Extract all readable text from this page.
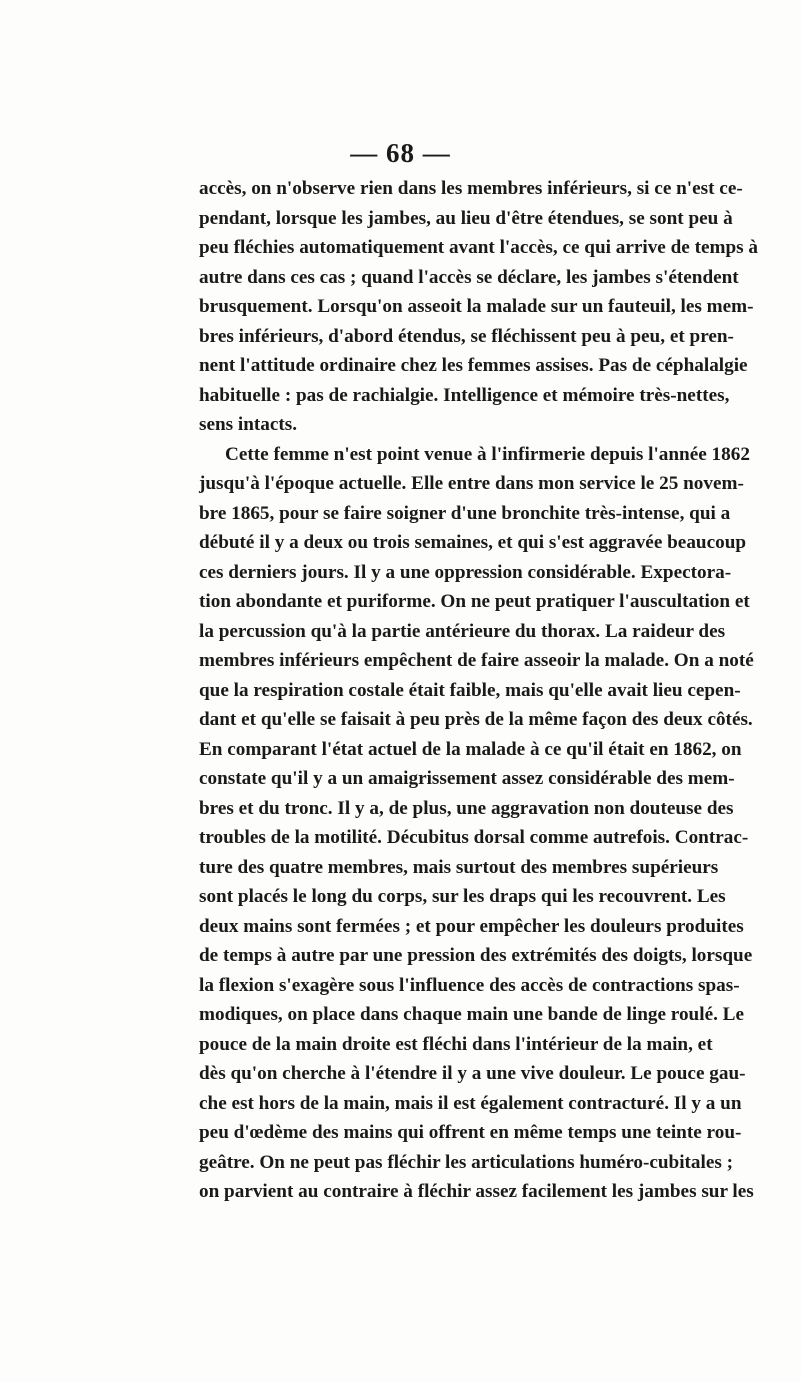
— 68 —
accès, on n'observe rien dans les membres inférieurs, si ce n'est ce-
pendant, lorsque les jambes, au lieu d'être étendues, se sont peu à
peu fléchies automatiquement avant l'accès, ce qui arrive de temps à
autre dans ces cas ; quand l'accès se déclare, les jambes s'étendent
brusquement. Lorsqu'on asseoit la malade sur un fauteuil, les mem-
bres inférieurs, d'abord étendus, se fléchissent peu à peu, et pren-
nent l'attitude ordinaire chez les femmes assises. Pas de céphalalgie
habituelle : pas de rachialgie. Intelligence et mémoire très-nettes,
sens intacts.
Cette femme n'est point venue à l'infirmerie depuis l'année 1862
jusqu'à l'époque actuelle. Elle entre dans mon service le 25 novem-
bre 1865, pour se faire soigner d'une bronchite très-intense, qui a
débuté il y a deux ou trois semaines, et qui s'est aggravée beaucoup
ces derniers jours. Il y a une oppression considérable. Expectora-
tion abondante et puriforme. On ne peut pratiquer l'auscultation et
la percussion qu'à la partie antérieure du thorax. La raideur des
membres inférieurs empêchent de faire asseoir la malade. On a noté
que la respiration costale était faible, mais qu'elle avait lieu cepen-
dant et qu'elle se faisait à peu près de la même façon des deux côtés.
En comparant l'état actuel de la malade à ce qu'il était en 1862, on
constate qu'il y a un amaigrissement assez considérable des mem-
bres et du tronc. Il y a, de plus, une aggravation non douteuse des
troubles de la motilité. Décubitus dorsal comme autrefois. Contrac-
ture des quatre membres, mais surtout des membres supérieurs
sont placés le long du corps, sur les draps qui les recouvrent. Les
deux mains sont fermées ; et pour empêcher les douleurs produites
de temps à autre par une pression des extrémités des doigts, lorsque
la flexion s'exagère sous l'influence des accès de contractions spas-
modiques, on place dans chaque main une bande de linge roulé. Le
pouce de la main droite est fléchi dans l'intérieur de la main, et
dès qu'on cherche à l'étendre il y a une vive douleur. Le pouce gau-
che est hors de la main, mais il est également contracturé. Il y a un
peu d'œdème des mains qui offrent en même temps une teinte rou-
geâtre. On ne peut pas fléchir les articulations huméro-cubitales ;
on parvient au contraire à fléchir assez facilement les jambes sur les
